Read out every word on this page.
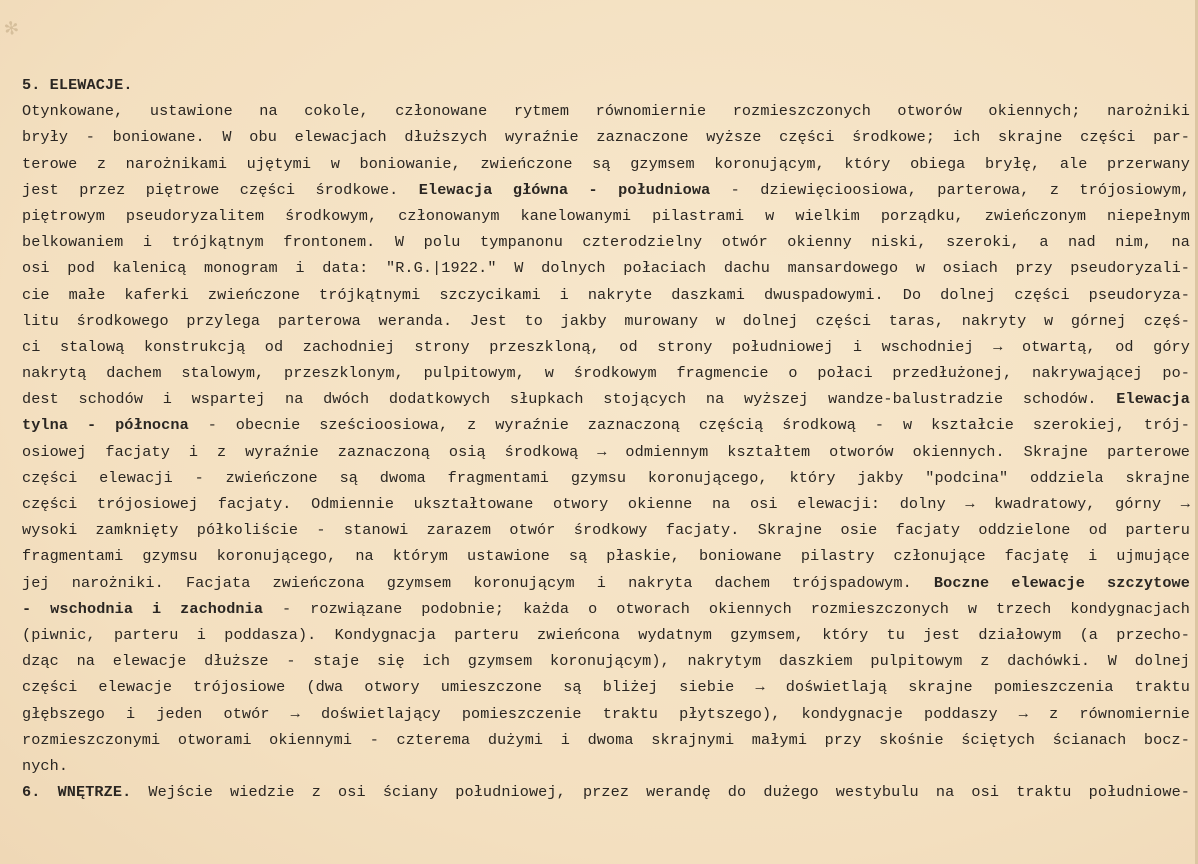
✻
5. ELEWACJE.
Otynkowane, ustawione na cokole, członowane rytmem równomiernie rozmieszczonych otworów okiennych; narożniki
bryły - boniowane. W obu elewacjach dłuższych wyraźnie zaznaczone wyższe części środkowe; ich skrajne części par-
terowe z narożnikami ujętymi w boniowanie, zwieńczone są gzymsem koronującym, który obiega bryłę, ale przerwany
jest przez piętrowe części środkowe. Elewacja główna - południowa - dziewięcioosiowa, parterowa, z trójosiowym,
piętrowym pseudoryzalitem środkowym, członowanym kanelowanymi pilastrami w wielkim porządku, zwieńczonym niepełnym
belkowaniem i trójkątnym frontonem. W polu tympanonu czterodzielny otwór okienny niski, szeroki, a nad nim, na
osi pod kalenicą monogram i data: "R.G.|1922." W dolnych połaciach dachu mansardowego w osiach przy pseudoryzali-
cie małe kaferki zwieńczone trójkątnymi szczycikami i nakryte daszkami dwuspadowymi. Do dolnej części pseudoryza-
litu środkowego przylega parterowa weranda. Jest to jakby murowany w dolnej części taras, nakryty w górnej częś-
ci stalową konstrukcją od zachodniej strony przeszkloną, od strony południowej i wschodniej → otwartą, od góry
nakrytą dachem stalowym, przeszklonym, pulpitowym, w środkowym fragmencie o połaci przedłużonej, nakrywającej po-
dest schodów i wspartej na dwóch dodatkowych słupkach stojących na wyższej wandze-balustradzie schodów. Elewacja
tylna - północna - obecnie sześcioosiowa, z wyraźnie zaznaczoną częścią środkową - w kształcie szerokiej, trój-
osiowej facjaty i z wyraźnie zaznaczoną osią środkową → odmiennym kształtem otworów okiennych. Skrajne parterowe
części elewacji - zwieńczone są dwoma fragmentami gzymsu koronującego, który jakby "podcina" oddziela skrajne
części trójosiowej facjaty. Odmiennie ukształtowane otwory okienne na osi elewacji: dolny → kwadratowy, górny →
wysoki zamknięty półkoliście - stanowi zarazem otwór środkowy facjaty. Skrajne osie facjaty oddzielone od parteru
fragmentami gzymsu koronującego, na którym ustawione są płaskie, boniowane pilastry członujące facjatę i ujmujące
jej narożniki. Facjata zwieńczona gzymsem koronującym i nakryta dachem trójspadowym. Boczne elewacje szczytowe
- wschodnia i zachodnia - rozwiązane podobnie; każda o otworach okiennych rozmieszczonych w trzech kondygnacjach
(piwnic, parteru i poddasza). Kondygnacja parteru zwieńcona wydatnym gzymsem, który tu jest działowym (a przecho-
dząc na elewacje dłuższe - staje się ich gzymsem koronującym), nakrytym daszkiem pulpitowym z dachówki. W dolnej
części elewacje trójosiowe (dwa otwory umieszczone są bliżej siebie → doświetlają skrajne pomieszczenia traktu
głębszego i jeden otwór → doświetlający pomieszczenie traktu płytszego), kondygnacje poddaszy → z równomiernie
rozmieszczonymi otworami okiennymi - czterema dużymi i dwoma skrajnymi małymi przy skośnie ściętych ścianach bocz-
nych.
6. WNĘTRZE. Wejście wiedzie z osi ściany południowej, przez werandę do dużego westybulu na osi traktu południowe-
